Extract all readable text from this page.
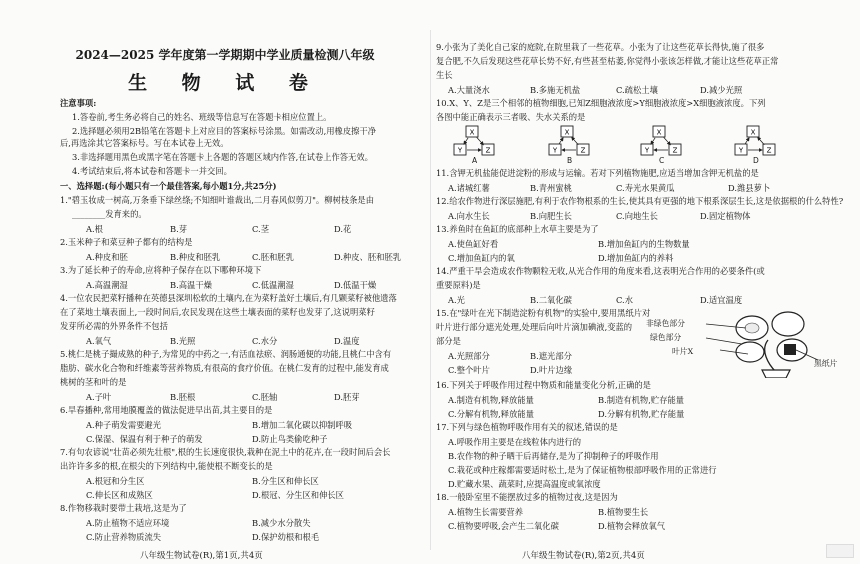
2024—2025 学年度第一学期期中学业质量检测八年级
生 物 试 卷
注意事项:
1.答卷前,考生务必将自己的姓名、班级等信息写在答题卡相应位置上。
2.选择题必须用2B铅笔在答题卡上对应目的答案标号涂黑。如需改动,用橡皮擦干净
后,再选涂其它答案标号。写在本试卷上无效。
3.非选择题用黑色或黑字笔在答题卡上各题的答题区域内作答,在试卷上作答无效。
4.考试结束后,将本试卷和答题卡一并交回。
一、选择题:(每小题只有一个最佳答案,每小题1分,共25分)
1."碧玉妆成一树高,万条垂下绿丝绦;不知细叶谁裁出,二月春风似剪刀"。柳树枝条是由
________发育来的。
A.根	B.芽	C.茎	D.花
2.玉米种子和菜豆种子都有的结构是
A.种皮和胚	B.种皮和胚乳	C.胚和胚乳	D.种皮、胚和胚乳
3.为了延长种子的寿命,应将种子保存在以下哪种环境下
A.高温潮湿	B.高温干燥	C.低温潮湿	D.低温干燥
4.一位农民把菜籽播种在英德县深圳松软的土壤内,在为菜籽盖好土壤后,有几颗菜籽被他遗落
在了菜地土壤表面上,一段时间后,农民发现在这些土壤表面的菜籽也发芽了,这说明菜籽
发芽所必需的外界条件不包括
A.氧气	B.光照	C.水分	D.温度
5.桃仁是桃子撮成熟的种子,为常见的中药之一,有活血祛瘀、润肠通便的功能,且桃仁中含有
脂肪、碳水化合物和纤维素等营养物质,有很高的食疗价值。在桃仁发育的过程中,能发育成
桃树的茎和叶的是
A.子叶	B.胚根	C.胚轴	D.胚芽
6.旱春播种,常用地膜覆盖的做法促进早出苗,其主要目的是
A.种子萌发需要避光	B.增加二氧化碳以抑制呼吸
C.保湿、保温有利于种子的萌发	D.防止鸟类偷吃种子
7.有句农谚说"壮苗必须先壮根",根的生长速度很快,栽种在泥土中的花卉,在一段时间后会长
出许许多多的根,在根尖的下列结构中,能使根不断变长的是
A.根冠和分生区	B.分生区和伸长区
C.伸长区和成熟区	D.根冠、分生区和伸长区
8.作物移栽时要带土栽培,这是为了
A.防止植物不适应环境	B.减少水分散失
C.防止营养物质流失	D.保护幼根和根毛
八年级生物试卷(R),第1页,共4页
9.小张为了美化自己家的庭院,在院里栽了一些花草。小张为了让这些花草长得快,施了很多
复合肥,不久后发现这些花草长势不好,有些甚至枯萎,你觉得小张该怎样做,才能让这些花草正常
生长
A.大量浇水	B.多施无机盐	C.疏松土壤	D.减少光照
10.X、Y、Z是三个相邻的植物细胞,已知Z细胞液浓度>Y细胞液浓度>X细胞液浓度。下列
各图中能正确表示三者吸、失水关系的是
X
Y	Z
X
Y	Z
X
Y	Z
X
Y	Z
A	B	C	D
11.含钾无机盐能促进淀粉的形成与运输。若对下列植物施肥,应适当增加含钾无机盐的是
A.诸城红薯	B.青州蜜桃	C.寿光水果黄瓜	D.潍县萝卜
12.给农作物进行深层施肥,有利于农作物根系的生长,使其具有更强的地下根系深层生长,这是依据根的什么特性?
A.向水生长	B.向肥生长	C.向地生长	D.固定植物体
13.养鱼时在鱼缸的底部种上水草主要是为了
A.使鱼缸好看	B.增加鱼缸内的生物数量
C.增加鱼缸内的氧	D.增加鱼缸内的养料
14.严重干旱会造成农作物颗粒无收,从光合作用的角度来看,这表明光合作用的必要条件(或
重要原料)是
A.光	B.二氧化碳	C.水	D.适宜温度
15.在"绿叶在光下制造淀粉有机物"的实验中,要用黑纸片对
叶片进行部分遮光处理,处理后向叶片滴加碘液,变蓝的
部分是
A.光照部分	B.遮光部分
C.整个叶片	D.叶片边缘
非绿色部分
绿色部分
叶片X
黑纸片
16.下列关于呼吸作用过程中物质和能量变化分析,正确的是
A.制造有机物,释放能量	B.制造有机物,贮存能量
C.分解有机物,释放能量	D.分解有机物,贮存能量
17.下列与绿色植物呼吸作用有关的叙述,错误的是
A.呼吸作用主要是在线粒体内进行的
B.农作物的种子晒干后再储存,是为了抑制种子的呼吸作用
C.栽花或种庄稼都需要适时松土,是为了保证植物根部呼吸作用的正常进行
D.贮藏水果、蔬菜时,应提高温度或氧浓度
18.一般卧室里不能摆放过多的植物过夜,这是因为
A.植物生长需要营养	B.植物要生长
C.植物要呼吸,会产生二氧化碳	D.植物会释放氧气
八年级生物试卷(R),第2页,共4页
